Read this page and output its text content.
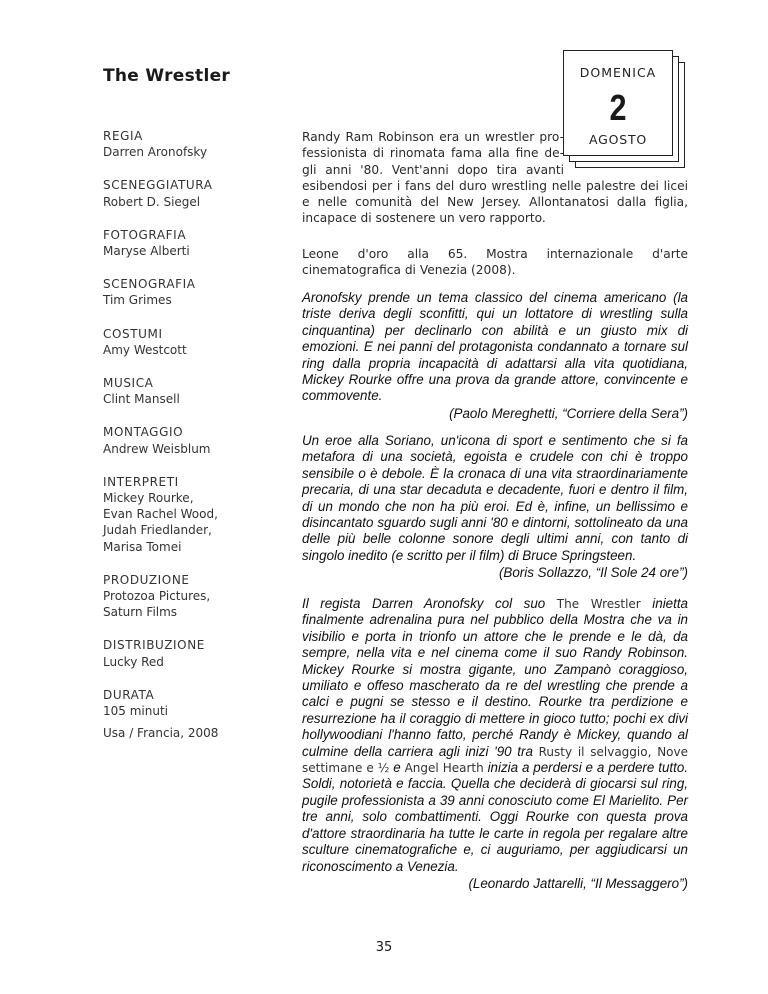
The Wrestler
REGIA
Darren Aronofsky
SCENEGGIATURA
Robert D. Siegel
FOTOGRAFIA
Maryse Alberti
SCENOGRAFIA
Tim Grimes
COSTUMI
Amy Westcott
MUSICA
Clint Mansell
MONTAGGIO
Andrew Weisblum
INTERPRETI
Mickey Rourke,
Evan Rachel Wood,
Judah Friedlander,
Marisa Tomei
PRODUZIONE
Protozoa Pictures,
Saturn Films
DISTRIBUZIONE
Lucky Red
DURATA
105 minuti
Usa / Francia, 2008
DOMENICA
2
AGOSTO
Randy Ram Robinson era un wrestler pro-
fessionista di rinomata fama alla fine de-
gli anni '80. Vent'anni dopo tira avanti
esibendosi per i fans del duro wrestling nelle palestre dei licei e nelle comunità del New Jersey. Allontanatosi dalla figlia, incapace di sostenere un vero rapporto.
Leone d'oro alla 65. Mostra internazionale d'arte cinematografica di Venezia (2008).
Aronofsky prende un tema classico del cinema americano (la triste deriva degli sconfitti, qui un lottatore di wrestling sulla cinquantina) per declinarlo con abilità e un giusto mix di emozioni. E nei panni del protagonista condannato a tornare sul ring dalla propria incapacità di adattarsi alla vita quotidiana, Mickey Rourke offre una prova da grande attore, convincente e commovente.
(Paolo Mereghetti, “Corriere della Sera”)
Un eroe alla Soriano, un'icona di sport e sentimento che si fa metafora di una società, egoista e crudele con chi è troppo sensibile o è debole. È la cronaca di una vita straordinariamente precaria, di una star decaduta e decadente, fuori e dentro il film, di un mondo che non ha più eroi. Ed è, infine, un bellissimo e disincantato sguardo sugli anni '80 e dintorni, sottolineato da una delle più belle colonne sonore degli ultimi anni, con tanto di singolo inedito (e scritto per il film) di Bruce Springsteen.
(Boris Sollazzo, “Il Sole 24 ore”)
Il regista Darren Aronofsky col suo The Wrestler inietta finalmente adrenalina pura nel pubblico della Mostra che va in visibilio e porta in trionfo un attore che le prende e le dà, da sempre, nella vita e nel cinema come il suo Randy Robinson. Mickey Rourke si mostra gigante, uno Zampanò coraggioso, umiliato e offeso mascherato da re del wrestling che prende a calci e pugni se stesso e il destino. Rourke tra perdizione e resurrezione ha il coraggio di mettere in gioco tutto; pochi ex divi hollywoodiani l'hanno fatto, perché Randy è Mickey, quando al culmine della carriera agli inizi '90 tra Rusty il selvaggio, Nove settimane e ½ e Angel Hearth inizia a perdersi e a perdere tutto. Soldi, notorietà e faccia. Quella che deciderà di giocarsi sul ring, pugile professionista a 39 anni conosciuto come El Marielito. Per tre anni, solo combattimenti. Oggi Rourke con questa prova d'attore straordinaria ha tutte le carte in regola per regalare altre sculture cinematografiche e, ci auguriamo, per aggiudicarsi un riconoscimento a Venezia.
(Leonardo Jattarelli, “Il Messaggero”)
35
